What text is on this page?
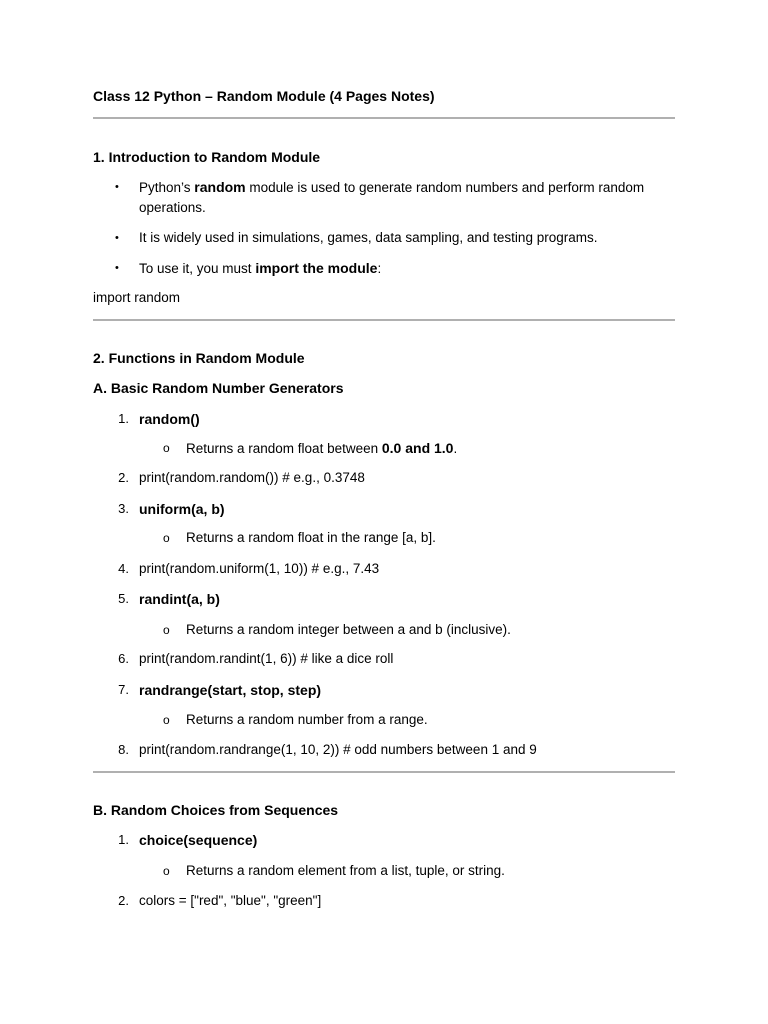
Class 12 Python – Random Module (4 Pages Notes)
1. Introduction to Random Module
• Python’s random module is used to generate random numbers and perform random
operations.
• It is widely used in simulations, games, data sampling, and testing programs.
• To use it, you must import the module:
import random
2. Functions in Random Module
A. Basic Random Number Generators
1. random()
o Returns a random float between 0.0 and 1.0.
2. print(random.random()) # e.g., 0.3748
3. uniform(a, b)
o Returns a random float in the range [a, b].
4. print(random.uniform(1, 10)) # e.g., 7.43
5. randint(a, b)
o Returns a random integer between a and b (inclusive).
6. print(random.randint(1, 6)) # like a dice roll
7. randrange(start, stop, step)
o Returns a random number from a range.
8. print(random.randrange(1, 10, 2)) # odd numbers between 1 and 9
B. Random Choices from Sequences
1. choice(sequence)
o Returns a random element from a list, tuple, or string.
2. colors = ["red", "blue", "green"]
